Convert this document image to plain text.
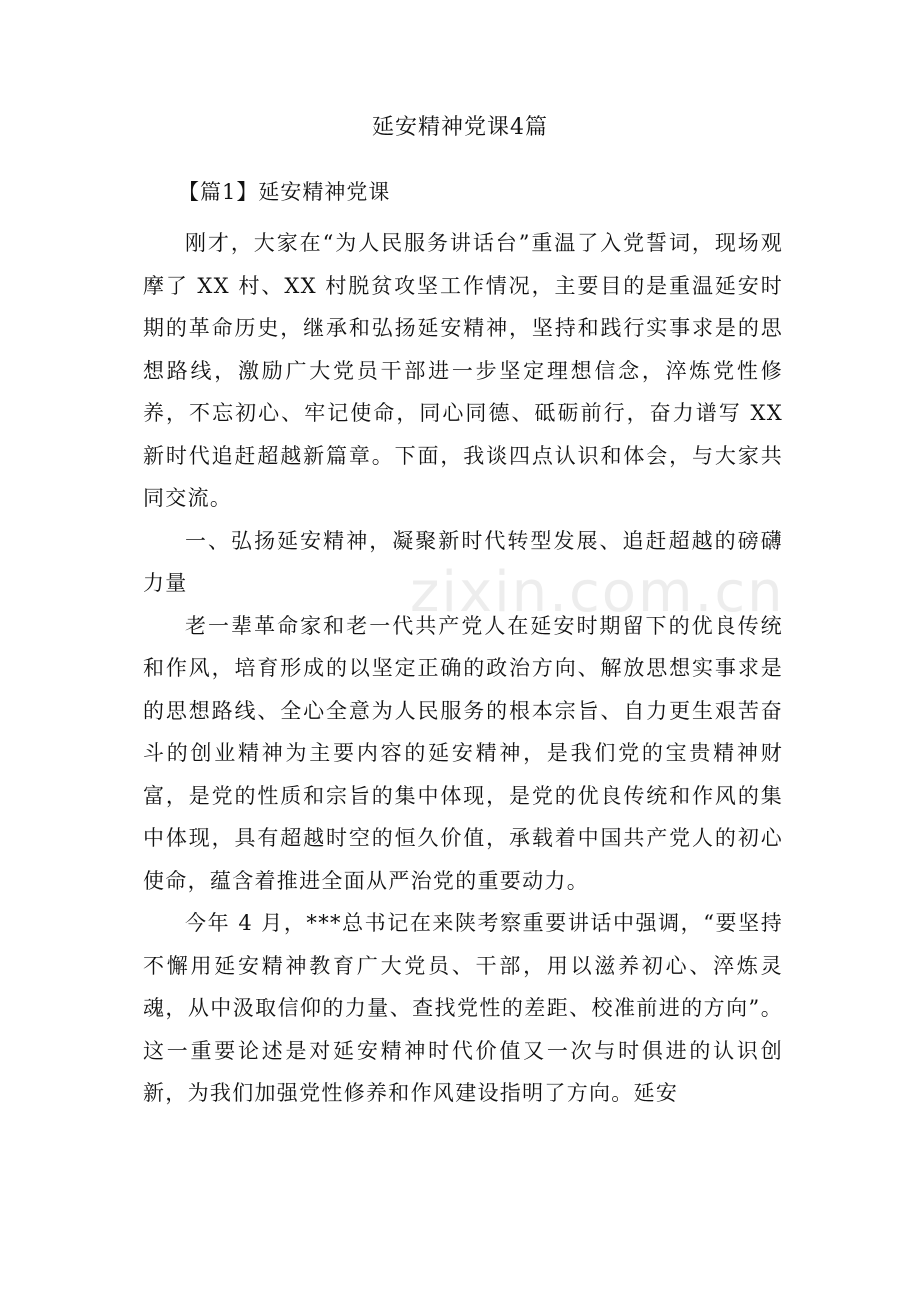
延安精神党课4篇
【篇1】延安精神党课

刚才，大家在“为人民服务讲话台”重温了入党誓词，现场观摩了 XX 村、XX 村脱贫攻坚工作情况，主要目的是重温延安时期的革命历史，继承和弘扬延安精神，坚持和践行实事求是的思想路线，激励广大党员干部进一步坚定理想信念，淬炼党性修养，不忘初心、牢记使命，同心同德、砥砺前行，奋力谱写 XX 新时代追赶超越新篇章。下面，我谈四点认识和体会，与大家共同交流。

一、弘扬延安精神，凝聚新时代转型发展、追赶超越的磅礴力量

老一辈革命家和老一代共产党人在延安时期留下的优良传统和作风，培育形成的以坚定正确的政治方向、解放思想实事求是的思想路线、全心全意为人民服务的根本宗旨、自力更生艰苦奋斗的创业精神为主要内容的延安精神，是我们党的宝贵精神财富，是党的性质和宗旨的集中体现，是党的优良传统和作风的集中体现，具有超越时空的恒久价值，承载着中国共产党人的初心使命，蕴含着推进全面从严治党的重要动力。

今年 4 月，***总书记在来陕考察重要讲话中强调，“要坚持不懈用延安精神教育广大党员、干部，用以滋养初心、淬炼灵魂，从中汲取信仰的力量、查找党性的差距、校准前进的方向”。这一重要论述是对延安精神时代价值又一次与时俱进的认识创新，为我们加强党性修养和作风建设指明了方向。延安

zixin.com.cn
